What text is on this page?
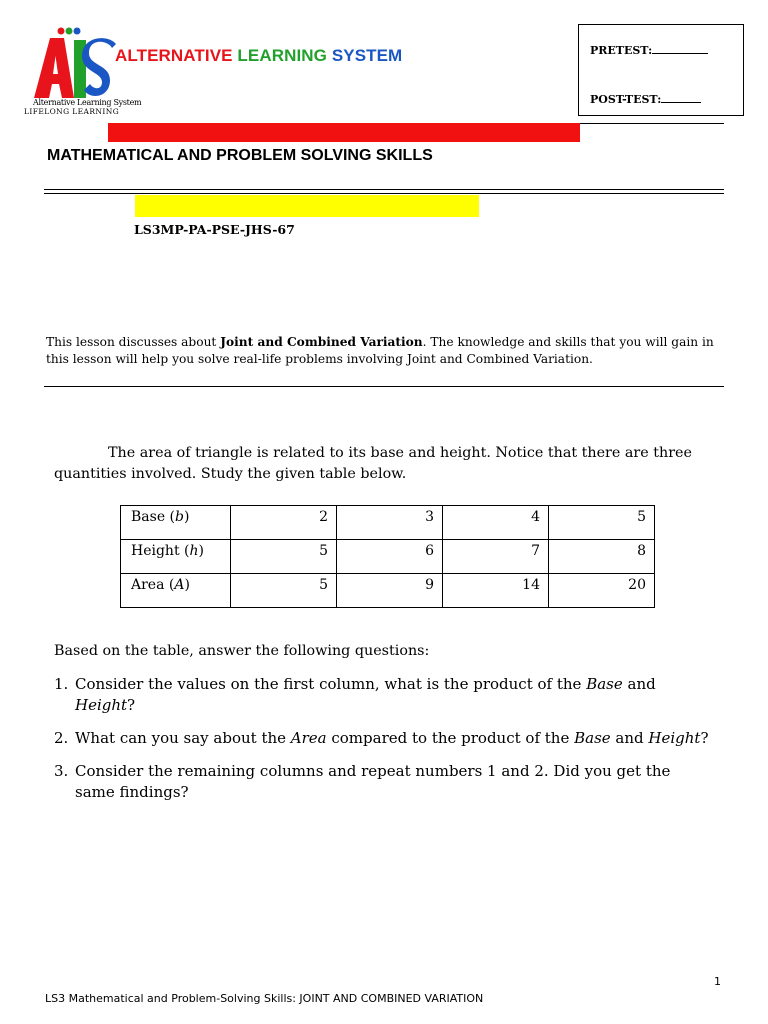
Alternative Learning System
LIFELONG LEARNING
ALTERNATIVE LEARNING SYSTEM	PRETEST:
POST-TEST:
MATHEMATICAL AND PROBLEM SOLVING SKILLS
LS3MP-PA-PSE-JHS-67
This lesson discusses about Joint and Combined Variation. The knowledge and skills that you will gain in this lesson will help you solve real-life problems involving Joint and Combined Variation.
The area of triangle is related to its base and height. Notice that there are three quantities involved. Study the given table below.
Base (b)	2	3	4	5
Height (h)	5	6	7	8
Area (A)	5	9	14	20
Based on the table, answer the following questions:
1. Consider the values on the first column, what is the product of the Base and Height?
2. What can you say about the Area compared to the product of the Base and Height?
3. Consider the remaining columns and repeat numbers 1 and 2. Did you get the same findings?
1
LS3 Mathematical and Problem-Solving Skills: JOINT AND COMBINED VARIATION
